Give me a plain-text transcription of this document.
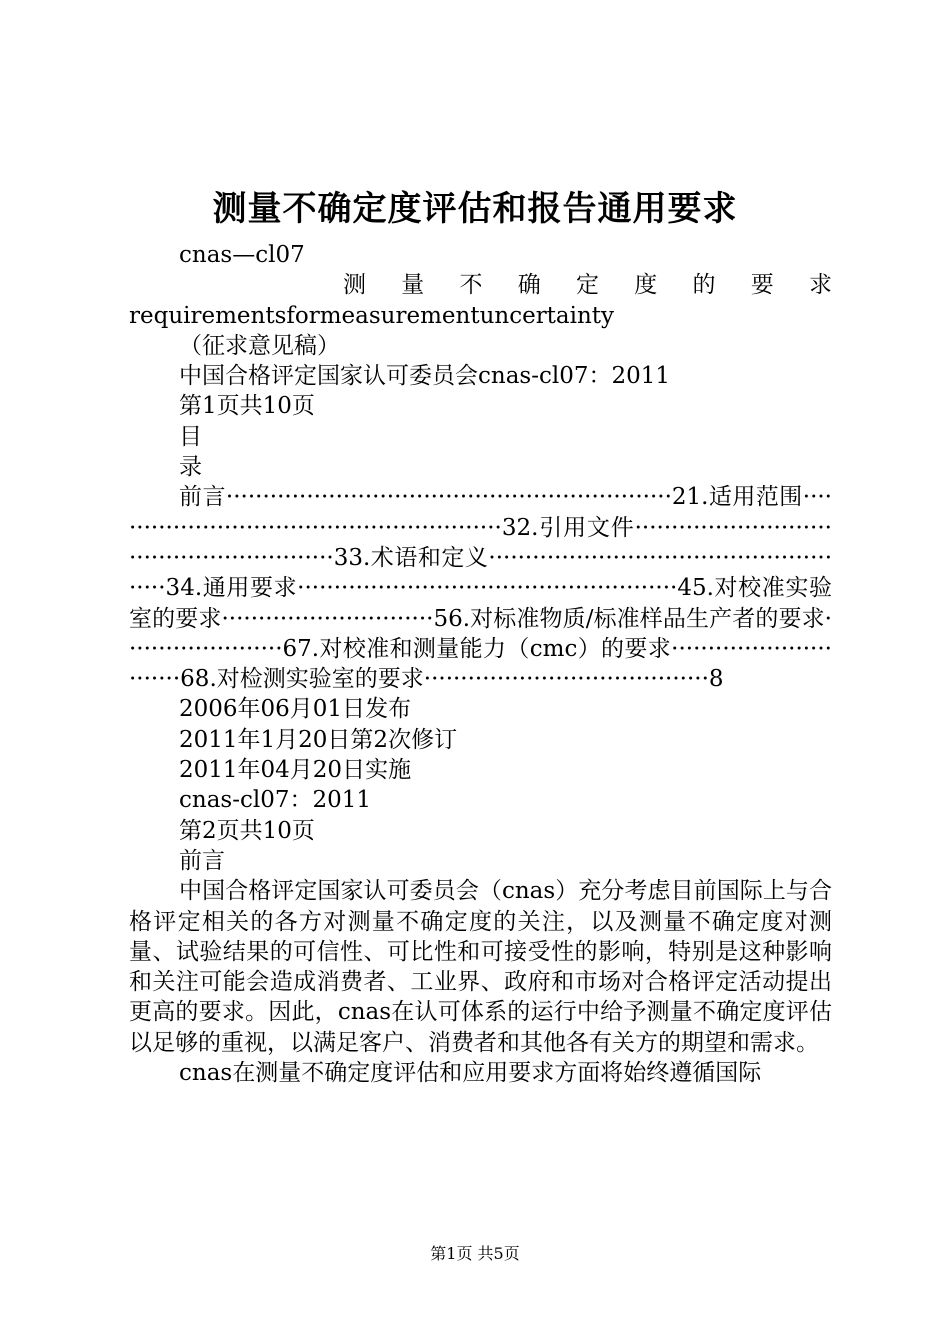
测量不确定度评估和报告通用要求
cnas—cl07
测 量 不 确 定 度 的 要 求
requirementsformeasurementuncertainty
（征求意见稿）
中国合格评定国家认可委员会cnas-cl07：2011
第1页共10页
目
录
前言·····························································21.适用范围·······················································32.引用文件·······················································33.术语和定义····················································34.通用要求····················································45.对校准实验室的要求·····························56.对标准物质/标准样品生产者的要求······················67.对校准和测量能力（cmc）的要求·····························68.对检测实验室的要求·······································8
2006年06月01日发布
2011年1月20日第2次修订
2011年04月20日实施
cnas-cl07：2011
第2页共10页
前言
中国合格评定国家认可委员会（cnas）充分考虑目前国际上与合格评定相关的各方对测量不确定度的关注，以及测量不确定度对测量、试验结果的可信性、可比性和可接受性的影响，特别是这种影响和关注可能会造成消费者、工业界、政府和市场对合格评定活动提出更高的要求。因此，cnas在认可体系的运行中给予测量不确定度评估以足够的重视，以满足客户、消费者和其他各有关方的期望和需求。
cnas在测量不确定度评估和应用要求方面将始终遵循国际
第1页 共5页
